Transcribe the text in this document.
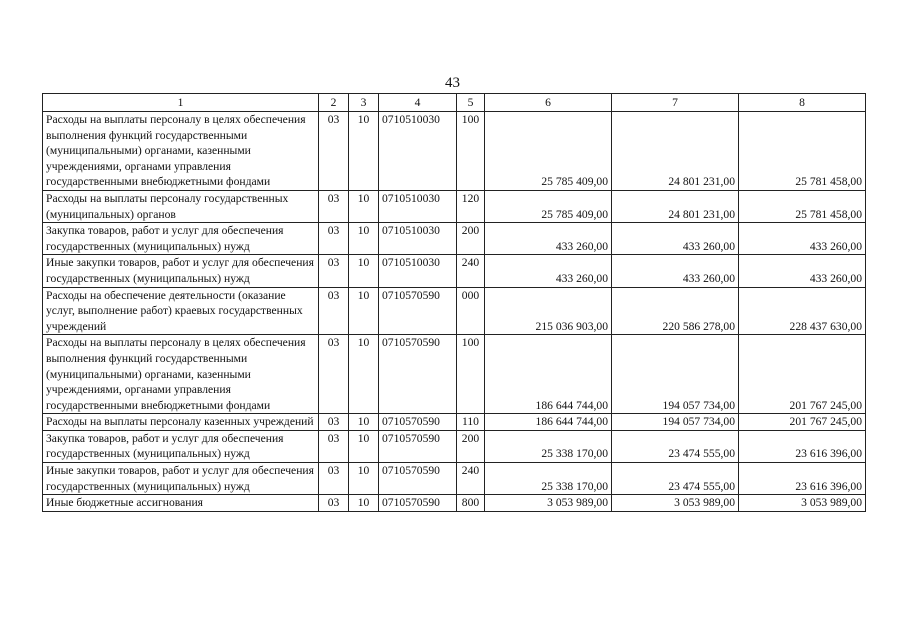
43
1	2	3	4	5	6	7	8
Расходы на выплаты персоналу в целях обеспечения выполнения функций государственными (муниципальными) органами, казенными учреждениями, органами управления государственными внебюджетными фондами	03	10	0710510030	100	25 785 409,00	24 801 231,00	25 781 458,00
Расходы на выплаты персоналу государственных (муниципальных) органов	03	10	0710510030	120	25 785 409,00	24 801 231,00	25 781 458,00
Закупка товаров, работ и услуг для обеспечения государственных (муниципальных) нужд	03	10	0710510030	200	433 260,00	433 260,00	433 260,00
Иные закупки товаров, работ и услуг для обеспечения государственных (муниципальных) нужд	03	10	0710510030	240	433 260,00	433 260,00	433 260,00
Расходы на обеспечение деятельности (оказание услуг, выполнение работ) краевых государственных учреждений	03	10	0710570590	000	215 036 903,00	220 586 278,00	228 437 630,00
Расходы на выплаты персоналу в целях обеспечения выполнения функций государственными (муниципальными) органами, казенными учреждениями, органами управления государственными внебюджетными фондами	03	10	0710570590	100	186 644 744,00	194 057 734,00	201 767 245,00
Расходы на выплаты персоналу казенных учреждений	03	10	0710570590	110	186 644 744,00	194 057 734,00	201 767 245,00
Закупка товаров, работ и услуг для обеспечения государственных (муниципальных) нужд	03	10	0710570590	200	25 338 170,00	23 474 555,00	23 616 396,00
Иные закупки товаров, работ и услуг для обеспечения государственных (муниципальных) нужд	03	10	0710570590	240	25 338 170,00	23 474 555,00	23 616 396,00
Иные бюджетные ассигнования	03	10	0710570590	800	3 053 989,00	3 053 989,00	3 053 989,00
